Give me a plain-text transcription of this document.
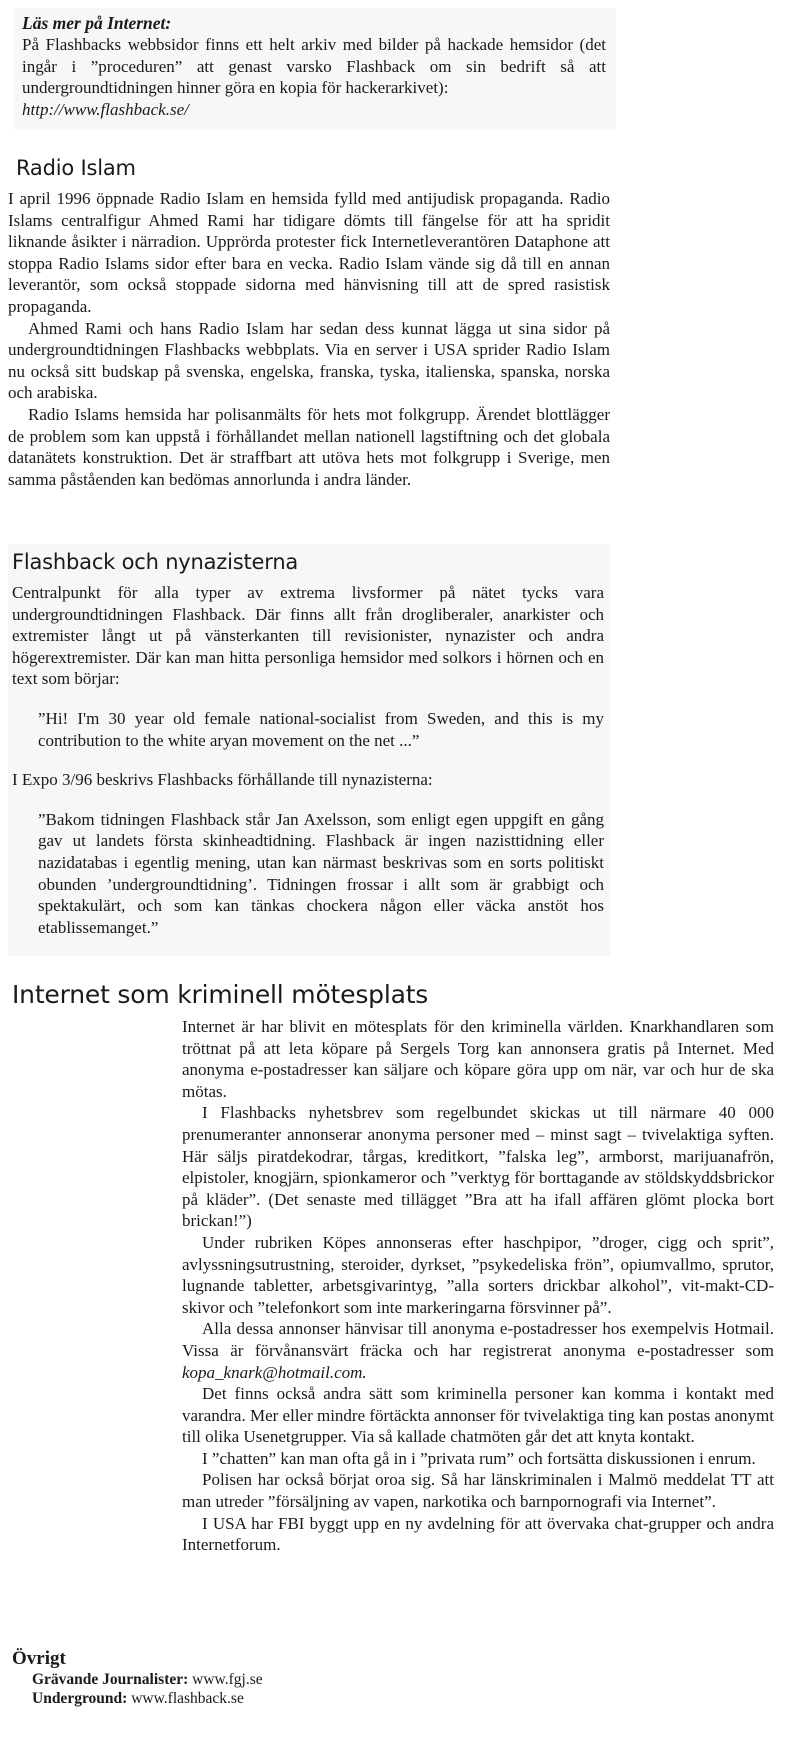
Läs mer på Internet:

På Flashbacks webbsidor finns ett helt arkiv med bilder på hackade hemsidor (det ingår i ”proceduren” att genast varsko Flashback om sin bedrift så att undergroundtidningen hinner göra en kopia för hackerarkivet):

http://www.flashback.se/

Radio Islam

I april 1996 öppnade Radio Islam en hemsida fylld med antijudisk propaganda. Radio Islams centralfigur Ahmed Rami har tidigare dömts till fängelse för att ha spridit liknande åsikter i närradion. Upprörda protester fick Internetleverantören Dataphone att stoppa Radio Islams sidor efter bara en vecka. Radio Islam vände sig då till en annan leverantör, som också stoppade sidorna med hänvisning till att de spred rasistisk propaganda.

Ahmed Rami och hans Radio Islam har sedan dess kunnat lägga ut sina sidor på undergroundtidningen Flashbacks webbplats. Via en server i USA sprider Radio Islam nu också sitt budskap på svenska, engelska, franska, tyska, italienska, spanska, norska och arabiska.

Radio Islams hemsida har polisanmälts för hets mot folkgrupp. Ärendet blottlägger de problem som kan uppstå i förhållandet mellan nationell lagstiftning och det globala datanätets konstruktion. Det är straffbart att utöva hets mot folkgrupp i Sverige, men samma påståenden kan bedömas annorlunda i andra länder.

Flashback och nynazisterna

Centralpunkt för alla typer av extrema livsformer på nätet tycks vara undergroundtidningen Flashback. Där finns allt från drogliberaler, anarkister och extremister långt ut på vänsterkanten till revisionister, nynazister och andra högerextremister. Där kan man hitta personliga hemsidor med solkors i hörnen och en text som börjar:

”Hi! I'm 30 year old female national-socialist from Sweden, and this is my contribution to the white aryan movement on the net ...”

I Expo 3/96 beskrivs Flashbacks förhållande till nynazisterna:

”Bakom tidningen Flashback står Jan Axelsson, som enligt egen uppgift en gång gav ut landets första skinheadtidning. Flashback är ingen nazisttidning eller nazidatabas i egentlig mening, utan kan närmast beskrivas som en sorts politiskt obunden ’undergroundtidning’. Tidningen frossar i allt som är grabbigt och spektakulärt, och som kan tänkas chockera någon eller väcka anstöt hos etablissemanget.”
Internet som kriminell mötesplats

Internet är har blivit en mötesplats för den kriminella världen. Knarkhandlaren som tröttnat på att leta köpare på Sergels Torg kan annonsera gratis på Internet. Med anonyma e-postadresser kan säljare och köpare göra upp om när, var och hur de ska mötas.

I Flashbacks nyhetsbrev som regelbundet skickas ut till närmare 40 000 prenumeranter annonserar anonyma personer med – minst sagt – tvivelaktiga syften. Här säljs piratdekodrar, tårgas, kreditkort, ”falska leg”, armborst, marijuanafrön, elpistoler, knogjärn, spionkameror och ”verktyg för borttagande av stöldskyddsbrickor på kläder”. (Det senaste med tillägget ”Bra att ha ifall affären glömt plocka bort brickan!”)

Under rubriken Köpes annonseras efter haschpipor, ”droger, cigg och sprit”, avlyssningsutrustning, steroider, dyrkset, ”psykedeliska frön”, opiumvallmo, sprutor, lugnande tabletter, arbetsgivarintyg, ”alla sorters drickbar alkohol”, vit-makt-CD-skivor och ”telefonkort som inte markeringarna försvinner på”.

Alla dessa annonser hänvisar till anonyma e-postadresser hos exempelvis Hotmail. Vissa är förvånansvärt fräcka och har registrerat anonyma e-postadresser som kopa_knark@hotmail.com.

Det finns också andra sätt som kriminella personer kan komma i kontakt med varandra. Mer eller mindre förtäckta annonser för tvivelaktiga ting kan postas anonymt till olika Usenetgrupper. Via så kallade chatmöten går det att knyta kontakt.

I ”chatten” kan man ofta gå in i ”privata rum” och fortsätta diskussionen i enrum.

Polisen har också börjat oroa sig. Så har länskriminalen i Malmö meddelat TT att man utreder ”försäljning av vapen, narkotika och barnpornografi via Internet”.

I USA har FBI byggt upp en ny avdelning för att övervaka chat-grupper och andra Internetforum.

Övrigt
Grävande Journalister: www.fgj.se
Underground: www.flashback.se
